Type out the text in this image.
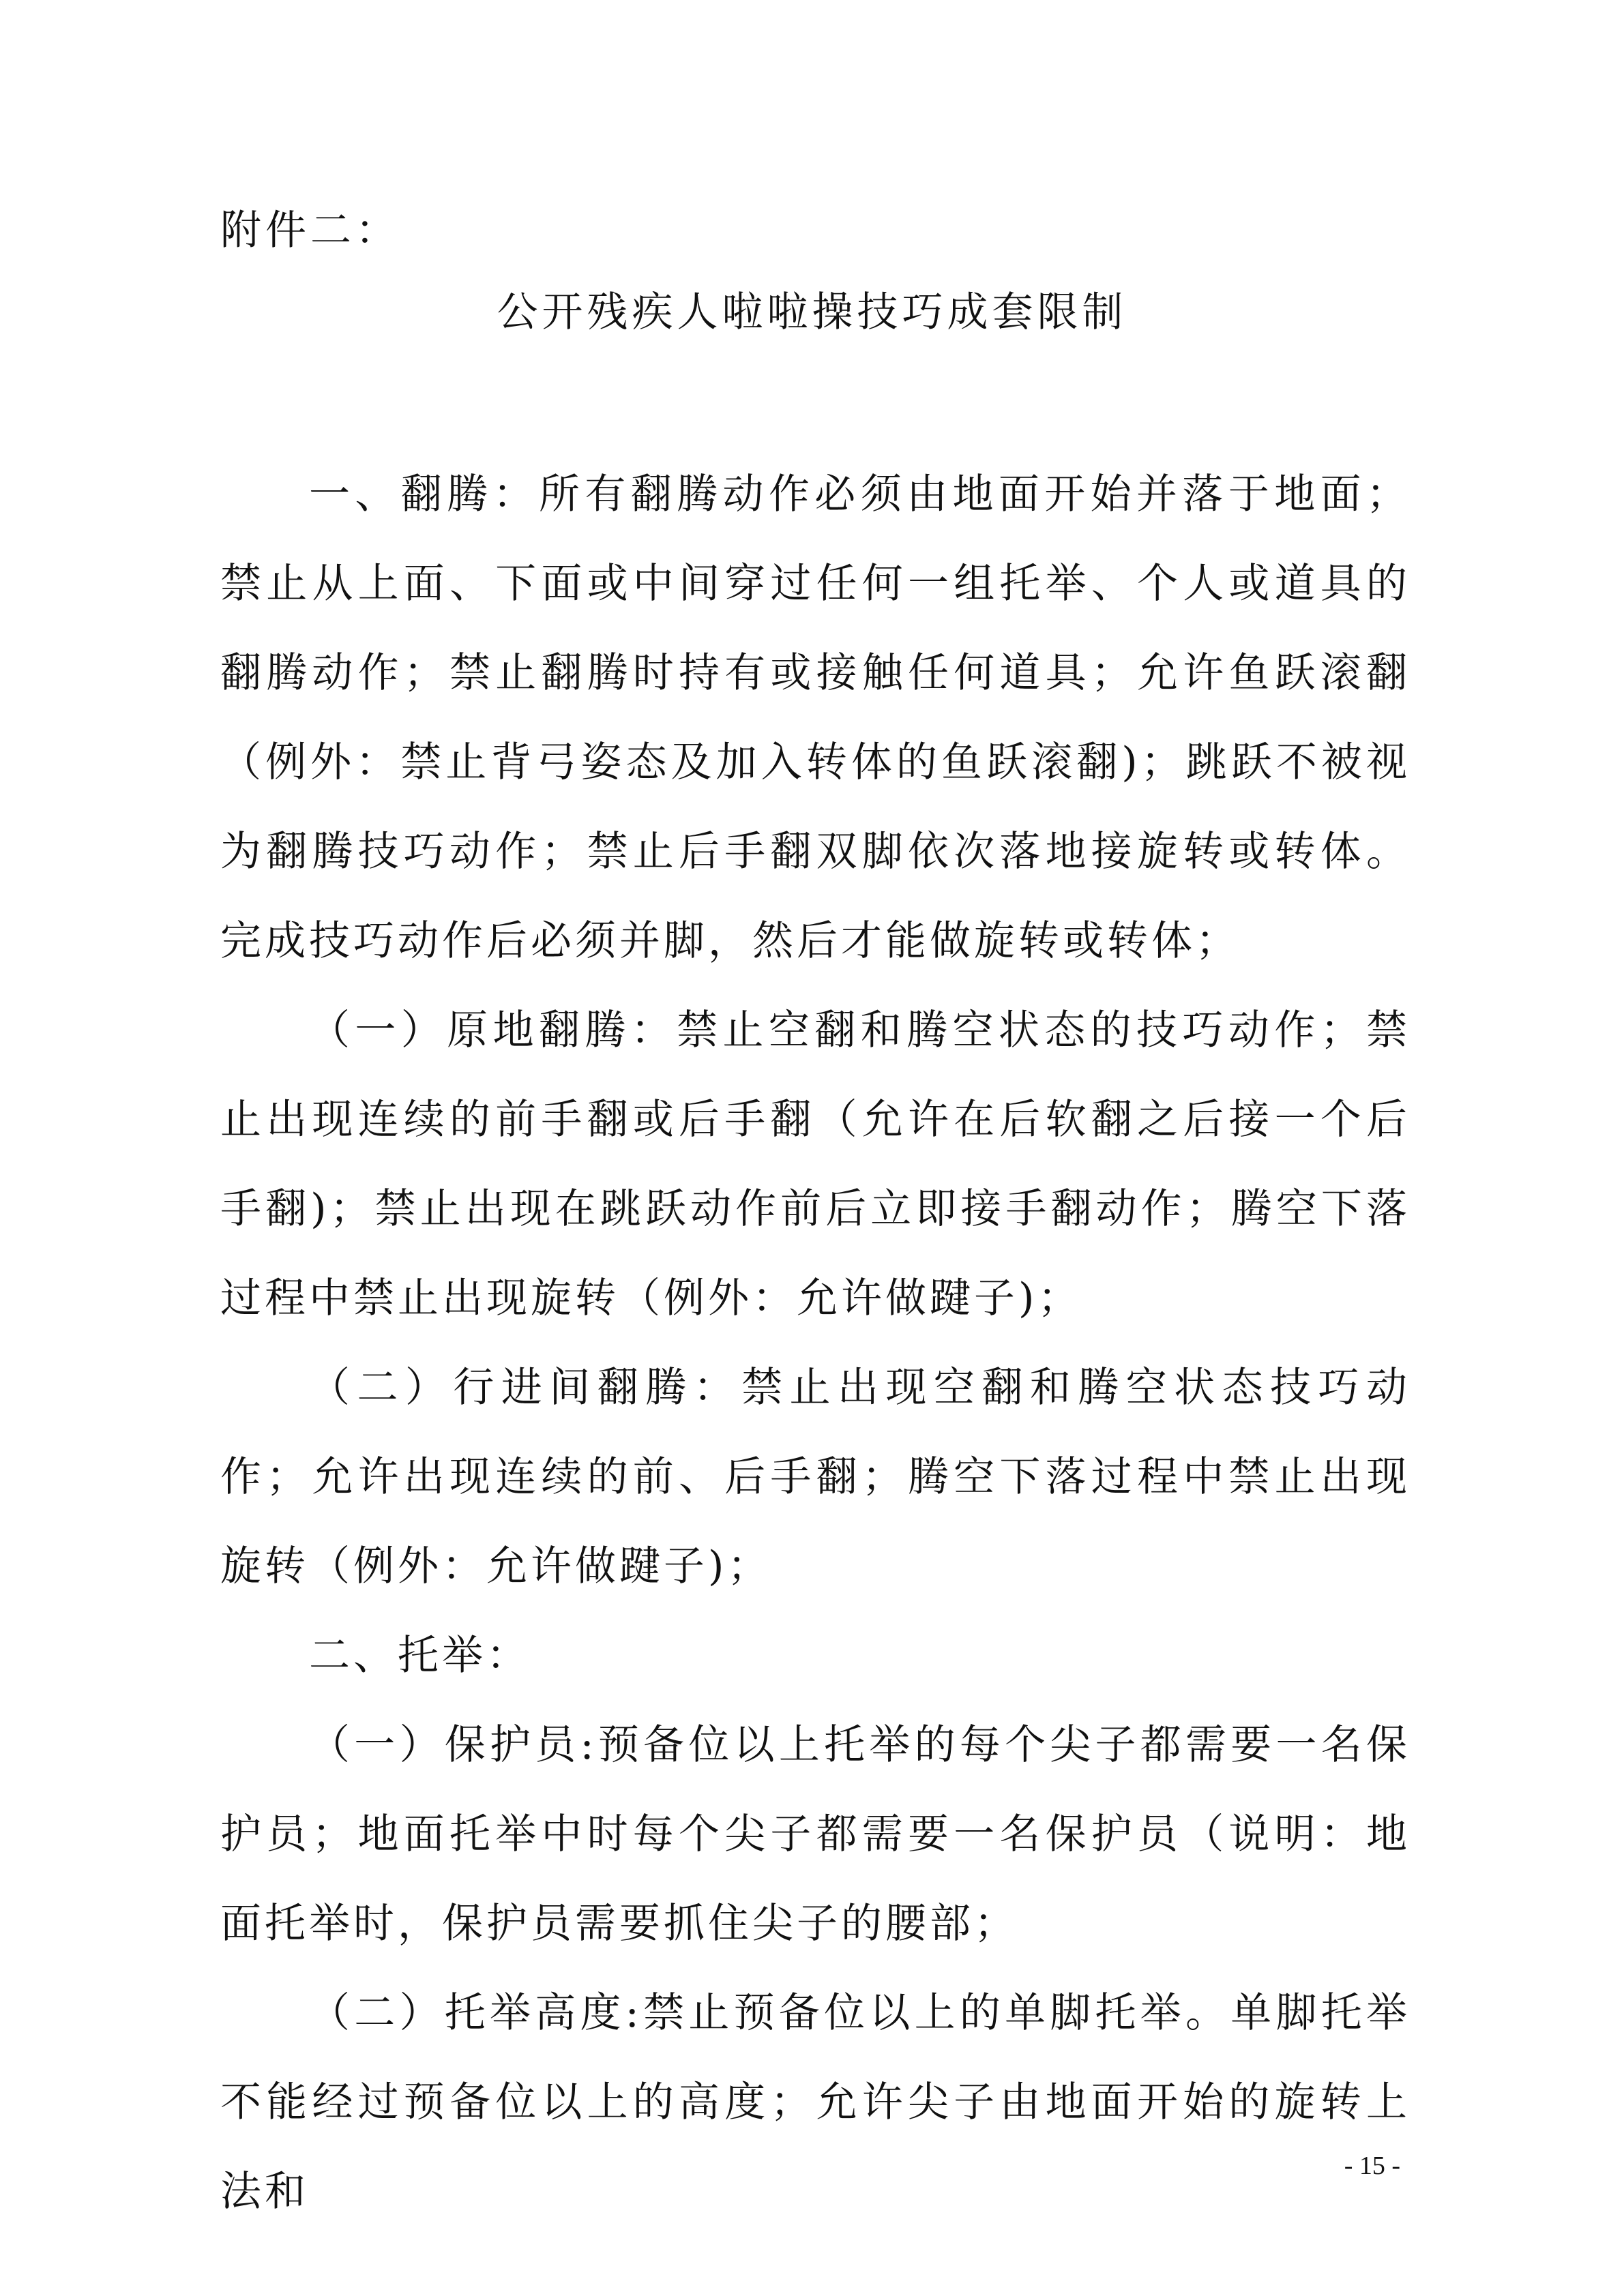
附件二：
公开残疾人啦啦操技巧成套限制

一、翻腾：所有翻腾动作必须由地面开始并落于地面；禁止从上面、下面或中间穿过任何一组托举、个人或道具的翻腾动作；禁止翻腾时持有或接触任何道具；允许鱼跃滚翻（例外：禁止背弓姿态及加入转体的鱼跃滚翻)；跳跃不被视为翻腾技巧动作；禁止后手翻双脚依次落地接旋转或转体。完成技巧动作后必须并脚，然后才能做旋转或转体；

（一）原地翻腾：禁止空翻和腾空状态的技巧动作；禁止出现连续的前手翻或后手翻（允许在后软翻之后接一个后手翻)；禁止出现在跳跃动作前后立即接手翻动作；腾空下落过程中禁止出现旋转（例外：允许做踺子)；

（二）行进间翻腾：禁止出现空翻和腾空状态技巧动作；允许出现连续的前、后手翻；腾空下落过程中禁止出现旋转（例外：允许做踺子)；

二、托举：

（一）保护员:预备位以上托举的每个尖子都需要一名保护员；地面托举中时每个尖子都需要一名保护员（说明：地面托举时，保护员需要抓住尖子的腰部；

（二）托举高度:禁止预备位以上的单脚托举。单脚托举不能经过预备位以上的高度；允许尖子由地面开始的旋转上法和

- 15 -
